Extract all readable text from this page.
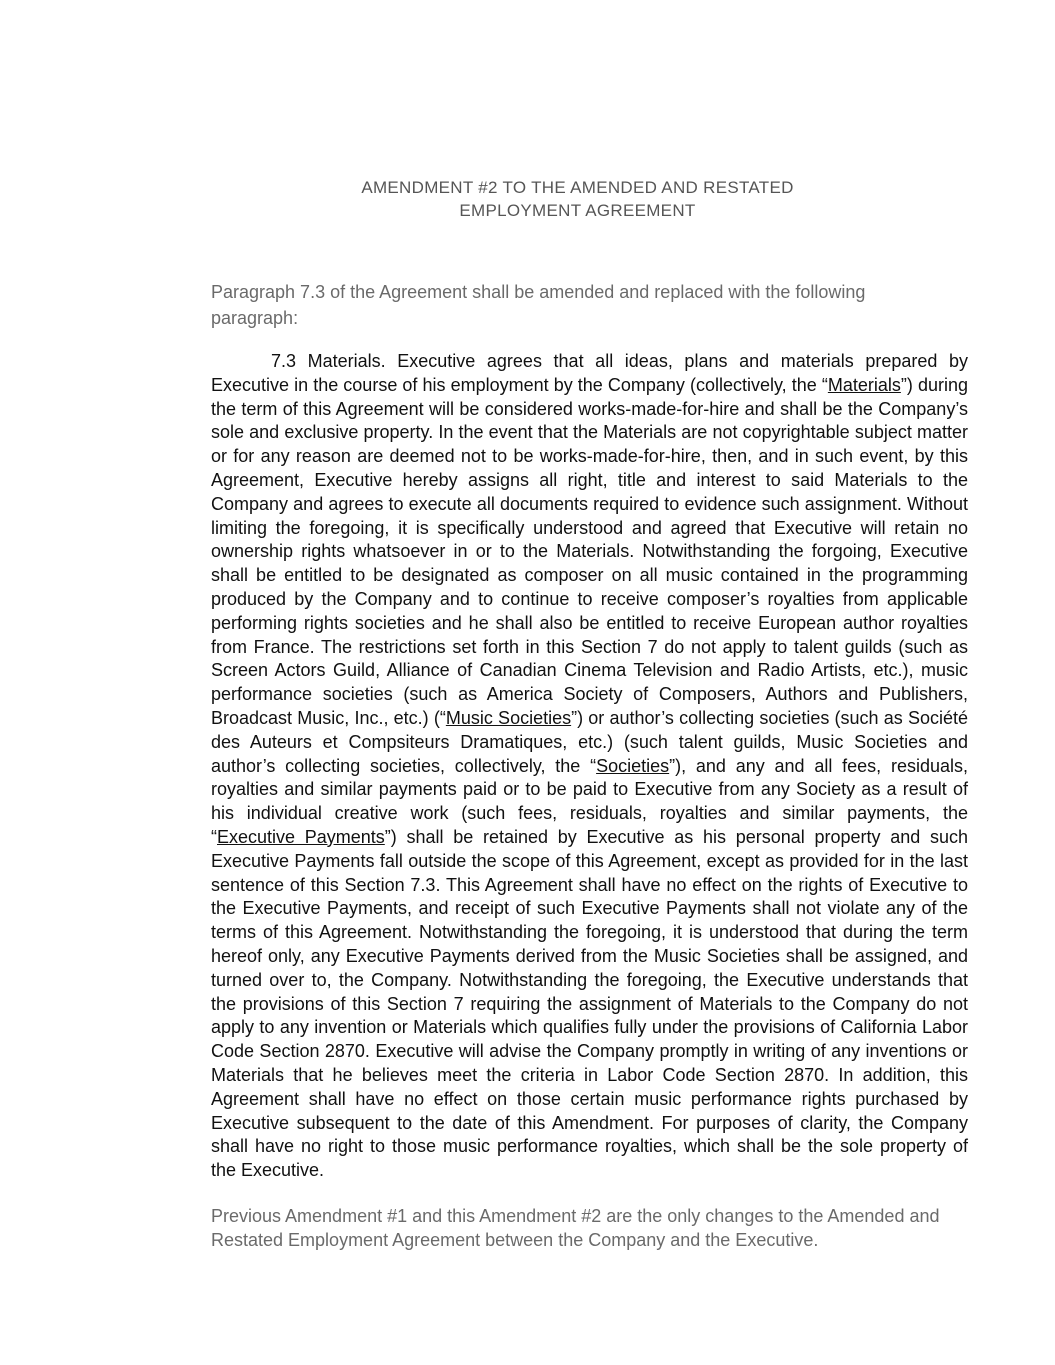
AMENDMENT #2 TO THE AMENDED AND RESTATED
EMPLOYMENT AGREEMENT
Paragraph 7.3 of the Agreement shall be amended and replaced with the following paragraph:
7.3 Materials. Executive agrees that all ideas, plans and materials prepared by Executive in the course of his employment by the Company (collectively, the “Materials”) during the term of this Agreement will be considered works-made-for-hire and shall be the Company’s sole and exclusive property. In the event that the Materials are not copyrightable subject matter or for any reason are deemed not to be works-made-for-hire, then, and in such event, by this Agreement, Executive hereby assigns all right, title and interest to said Materials to the Company and agrees to execute all documents required to evidence such assignment. Without limiting the foregoing, it is specifically understood and agreed that Executive will retain no ownership rights whatsoever in or to the Materials. Notwithstanding the forgoing, Executive shall be entitled to be designated as composer on all music contained in the programming produced by the Company and to continue to receive composer’s royalties from applicable performing rights societies and he shall also be entitled to receive European author royalties from France. The restrictions set forth in this Section 7 do not apply to talent guilds (such as Screen Actors Guild, Alliance of Canadian Cinema Television and Radio Artists, etc.), music performance societies (such as America Society of Composers, Authors and Publishers, Broadcast Music, Inc., etc.) (“Music Societies”) or author’s collecting societies (such as Société des Auteurs et Compsiteurs Dramatiques, etc.) (such talent guilds, Music Societies and author’s collecting societies, collectively, the “Societies”), and any and all fees, residuals, royalties and similar payments paid or to be paid to Executive from any Society as a result of his individual creative work (such fees, residuals, royalties and similar payments, the “Executive Payments”) shall be retained by Executive as his personal property and such Executive Payments fall outside the scope of this Agreement, except as provided for in the last sentence of this Section 7.3. This Agreement shall have no effect on the rights of Executive to the Executive Payments, and receipt of such Executive Payments shall not violate any of the terms of this Agreement. Notwithstanding the foregoing, it is understood that during the term hereof only, any Executive Payments derived from the Music Societies shall be assigned, and turned over to, the Company. Notwithstanding the foregoing, the Executive understands that the provisions of this Section 7 requiring the assignment of Materials to the Company do not apply to any invention or Materials which qualifies fully under the provisions of California Labor Code Section 2870. Executive will advise the Company promptly in writing of any inventions or Materials that he believes meet the criteria in Labor Code Section 2870. In addition, this Agreement shall have no effect on those certain music performance rights purchased by Executive subsequent to the date of this Amendment. For purposes of clarity, the Company shall have no right to those music performance royalties, which shall be the sole property of the Executive.
Previous Amendment #1 and this Amendment #2 are the only changes to the Amended and Restated Employment Agreement between the Company and the Executive.
